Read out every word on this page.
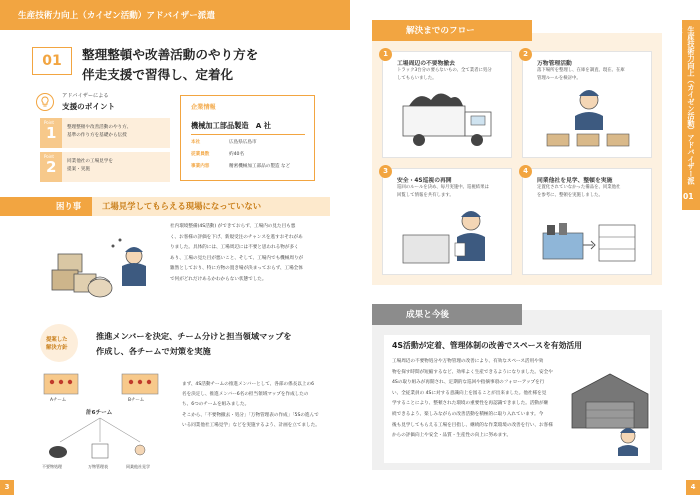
生産技術力向上（カイゼン活動）アドバイザー派遣
01	整理整頓や改善活動のやり方を
伴走支援で習得し、定着化
アドバイザーによる
支援のポイント
Point
1 整理整頓や改善活動のやり方、
基準の作り方を基礎から伝授
Point
2 同業他社の工場見学を
提案・実施
企業情報
機械加工部品製造　A 社
本社	広島県広島市
従業員数	約40名
事業内容	精密機械加工部品の製造 など
困り事 工場見学してもらえる現場になっていない
社内環境整備(4S活動) ができておらず、工場内の見た目も悪
く、お客様の評価を下げ、新規受注のチャンスを逃すおそれがあ
りました。具体的には、工場周辺には不要と思われる物が多く
あり、工場の見た目が悪いこと、そして、工場内でも機械周りが
雑然としており、特に方物の置き場が決まっておらず、工場全体
で何がどれだけあるかわからない状態でした。
提案した
解決方針
推進メンバーを決定、チーム分けと担当領域マップを
作成し、各チームで対策を実施
Aチーム	Bチーム
計6チーム
不要物処理	万物管理表	同業他社見学
まず、4S活動チームの推進メンバーとして、各部の係長以上の6
名を決定し、推進メンバー6名の担当領域マップを作成したの
ち、6つのチームを組みました。
そこから、「不要物撤去・処分」「万物管理表の作成」「5Sの進んで
いる同業他社工場見学」などを実施するよう、計画を立てました。
3
解決までのフロー
1
工場周辺の不要物撤去
トラック3台分の要らないもの、全て業者に処分
してもらいました。
2
万物管理活動
落下場所を整理し、在庫を調査、現在、在庫
管理ルールを検討中。
3
安全・4S巡視の再開
巡回のルールを決め、毎月実施中。巡視結果は
回覧して情報を共有します。
4
同業他社を見学、整頓を実施
定置化されていなかった備品を、同業他社
を参考に、整頓を実施しました。
成果と今後
4S活動が定着、管理体制の改善でスペースを有効活用
工場周辺の不要物処分や万物管理の改善により、有効なスペース活用や効
物を探す時間が短縮するなど、効率よく生産できるようになりました。安全や
4Sの取り組みが再開され、定期的な巡回や指摘事項のフォローアップを行
い、全従業員の 4Sに対する意識向上を図ることが出来ました。他社様を見
学することにより、整頓された環境の重要性を再認識できました。活動が継
続できるよう、楽しみながらの改善活動を積極的に取り入れています。今
後も見学してもらえる工場を目指し、継続的な作業環境の改善を行い、お客様
からの評価向上や安全・品質・生産性の向上に努めます。
生産技術力向上（カイゼン活動）アドバイザー派遣
01
4
